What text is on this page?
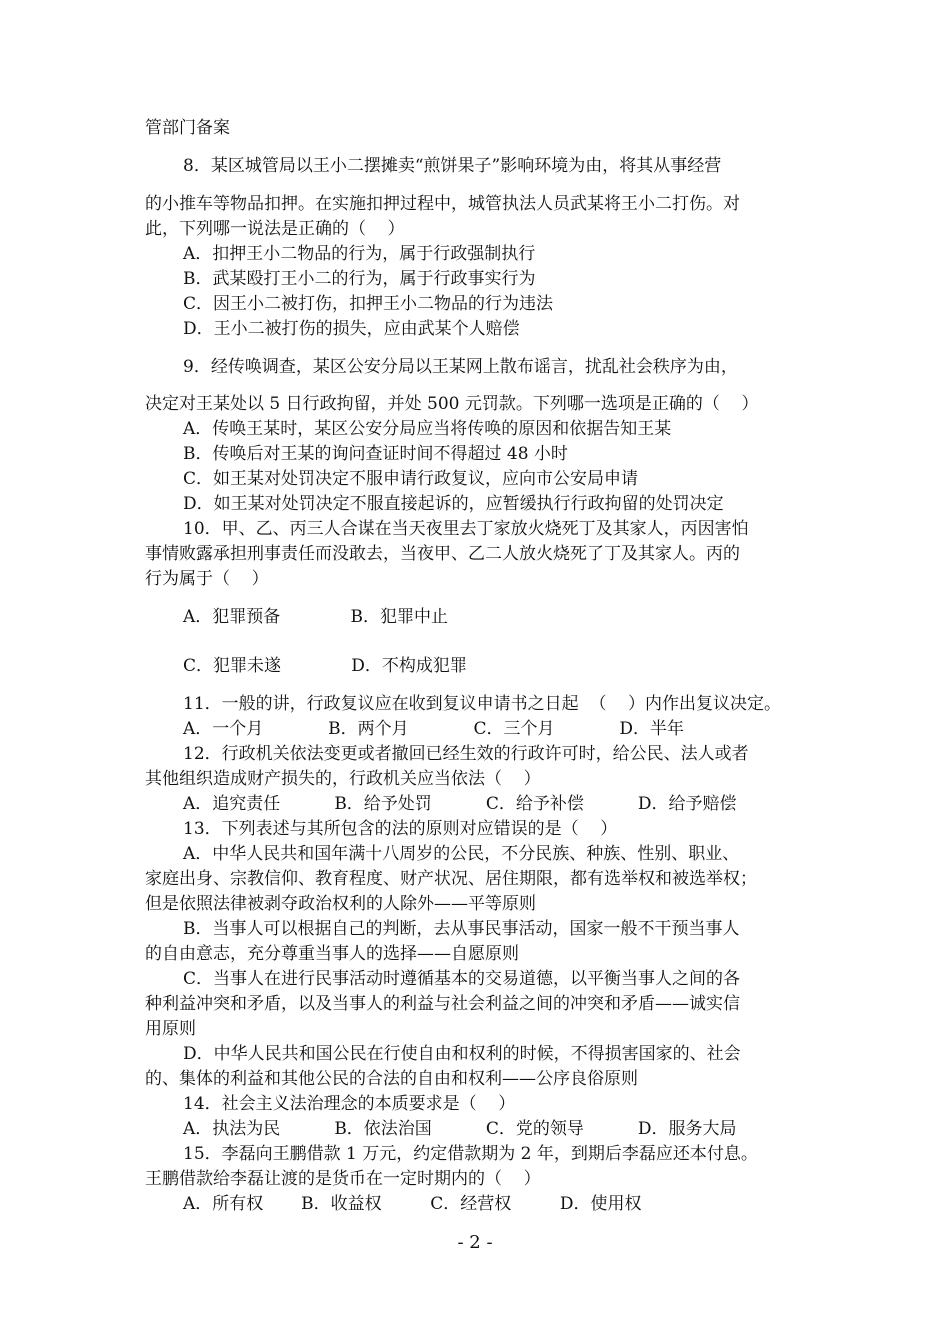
管部门备案
8．某区城管局以王小二摆摊卖“煎饼果子”影响环境为由，将其从事经营
的小推车等物品扣押。在实施扣押过程中，城管执法人员武某将王小二打伤。对
此，下列哪一说法是正确的（    ）
A．扣押王小二物品的行为，属于行政强制执行
B．武某殴打王小二的行为，属于行政事实行为
C．因王小二被打伤，扣押王小二物品的行为违法
D．王小二被打伤的损失，应由武某个人赔偿
9．经传唤调查，某区公安分局以王某网上散布谣言，扰乱社会秩序为由，
决定对王某处以 5 日行政拘留，并处 500 元罚款。下列哪一选项是正确的（    ）
A．传唤王某时，某区公安分局应当将传唤的原因和依据告知王某
B．传唤后对王某的询问查证时间不得超过 48 小时
C．如王某对处罚决定不服申请行政复议，应向市公安局申请
D．如王某对处罚决定不服直接起诉的，应暂缓执行行政拘留的处罚决定
10．甲、乙、丙三人合谋在当天夜里去丁家放火烧死丁及其家人，丙因害怕
事情败露承担刑事责任而没敢去，当夜甲、乙二人放火烧死了丁及其家人。丙的
行为属于（    ）
A．犯罪预备             B．犯罪中止
C．犯罪未遂             D．不构成犯罪
11．一般的讲，行政复议应在收到复议申请书之日起  （    ）内作出复议决定。
A．一个月            B．两个月            C．三个月            D．半年
12．行政机关依法变更或者撤回已经生效的行政许可时，给公民、法人或者
其他组织造成财产损失的，行政机关应当依法（    ）
A．追究责任          B．给予处罚          C．给予补偿          D．给予赔偿
13．下列表述与其所包含的法的原则对应错误的是（    ）
A．中华人民共和国年满十八周岁的公民，不分民族、种族、性别、职业、
家庭出身、宗教信仰、教育程度、财产状况、居住期限，都有选举权和被选举权；
但是依照法律被剥夺政治权利的人除外——平等原则
B．当事人可以根据自己的判断，去从事民事活动，国家一般不干预当事人
的自由意志，充分尊重当事人的选择——自愿原则
C．当事人在进行民事活动时遵循基本的交易道德，以平衡当事人之间的各
种利益冲突和矛盾，以及当事人的利益与社会利益之间的冲突和矛盾——诚实信
用原则
D．中华人民共和国公民在行使自由和权利的时候，不得损害国家的、社会
的、集体的利益和其他公民的合法的自由和权利——公序良俗原则
14．社会主义法治理念的本质要求是（    ）
A．执法为民          B．依法治国          C．党的领导          D．服务大局
15．李磊向王鹏借款 1 万元，约定借款期为 2 年，到期后李磊应还本付息。
王鹏借款给李磊让渡的是货币在一定时期内的（    ）
A．所有权       B．收益权         C．经营权         D．使用权
- 2 -
